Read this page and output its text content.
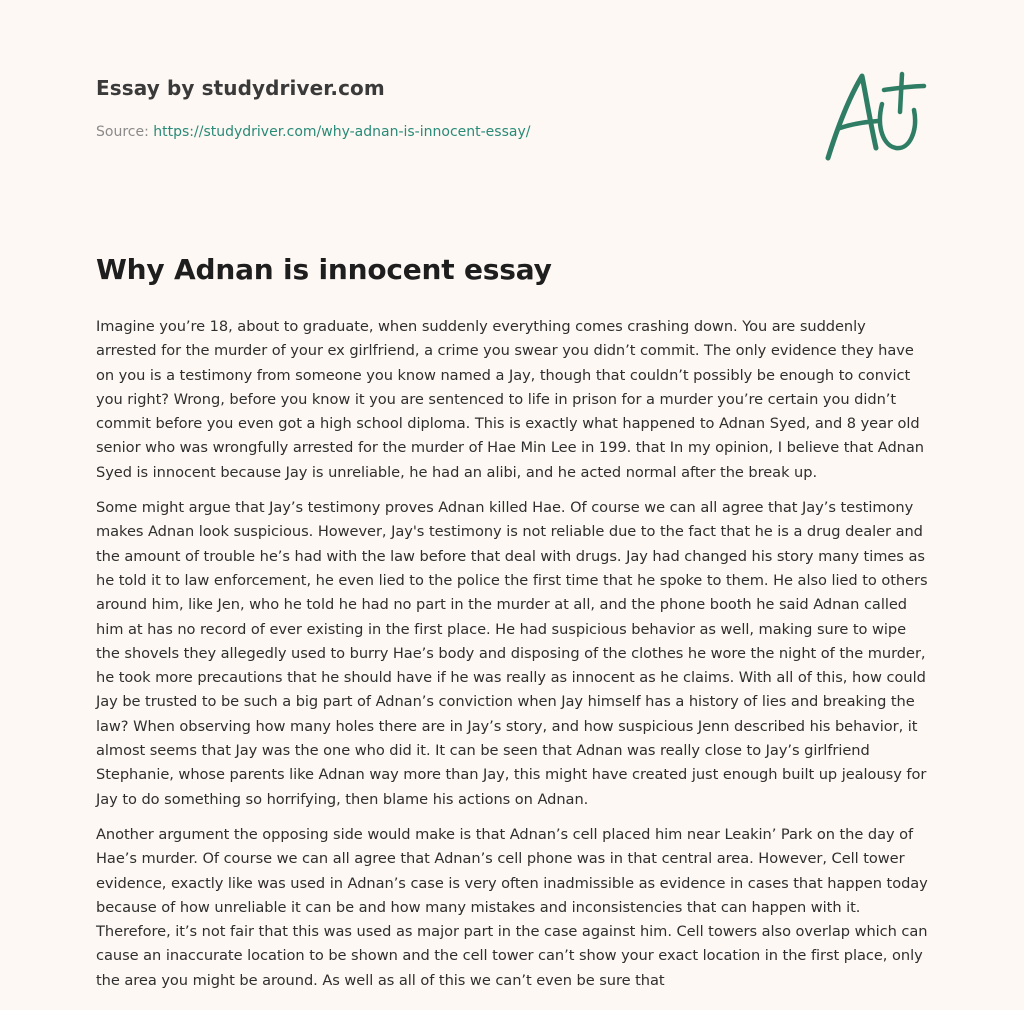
Essay by studydriver.com
Source: https://studydriver.com/why-adnan-is-innocent-essay/
Why Adnan is innocent essay

Imagine you’re 18, about to graduate, when suddenly everything comes crashing down. You are suddenly arrested for the murder of your ex girlfriend, a crime you swear you didn’t commit. The only evidence they have on you is a testimony from someone you know named a Jay, though that couldn’t possibly be enough to convict you right? Wrong, before you know it you are sentenced to life in prison for a murder you’re certain you didn’t commit before you even got a high school diploma. This is exactly what happened to Adnan Syed, and 8 year old senior who was wrongfully arrested for the murder of Hae Min Lee in 199. that In my opinion, I believe that Adnan Syed is innocent because Jay is unreliable, he had an alibi, and he acted normal after the break up.

Some might argue that Jay’s testimony proves Adnan killed Hae. Of course we can all agree that Jay’s testimony makes Adnan look suspicious. However, Jay's testimony is not reliable due to the fact that he is a drug dealer and the amount of trouble he’s had with the law before that deal with drugs. Jay had changed his story many times as he told it to law enforcement, he even lied to the police the first time that he spoke to them. He also lied to others around him, like Jen, who he told he had no part in the murder at all, and the phone booth he said Adnan called him at has no record of ever existing in the first place. He had suspicious behavior as well, making sure to wipe the shovels they allegedly used to burry Hae’s body and disposing of the clothes he wore the night of the murder, he took more precautions that he should have if he was really as innocent as he claims. With all of this, how could Jay be trusted to be such a big part of Adnan’s conviction when Jay himself has a history of lies and breaking the law? When observing how many holes there are in Jay’s story, and how suspicious Jenn described his behavior, it almost seems that Jay was the one who did it. It can be seen that Adnan was really close to Jay’s girlfriend Stephanie, whose parents like Adnan way more than Jay, this might have created just enough built up jealousy for Jay to do something so horrifying, then blame his actions on Adnan.

Another argument the opposing side would make is that Adnan’s cell placed him near Leakin’ Park on the day of Hae’s murder. Of course we can all agree that Adnan’s cell phone was in that central area. However, Cell tower evidence, exactly like was used in Adnan’s case is very often inadmissible as evidence in cases that happen today because of how unreliable it can be and how many mistakes and inconsistencies that can happen with it. Therefore, it’s not fair that this was used as major part in the case against him. Cell towers also overlap which can cause an inaccurate location to be shown and the cell tower can’t show your exact location in the first place, only the area you might be around. As well as all of this we can’t even be sure that
